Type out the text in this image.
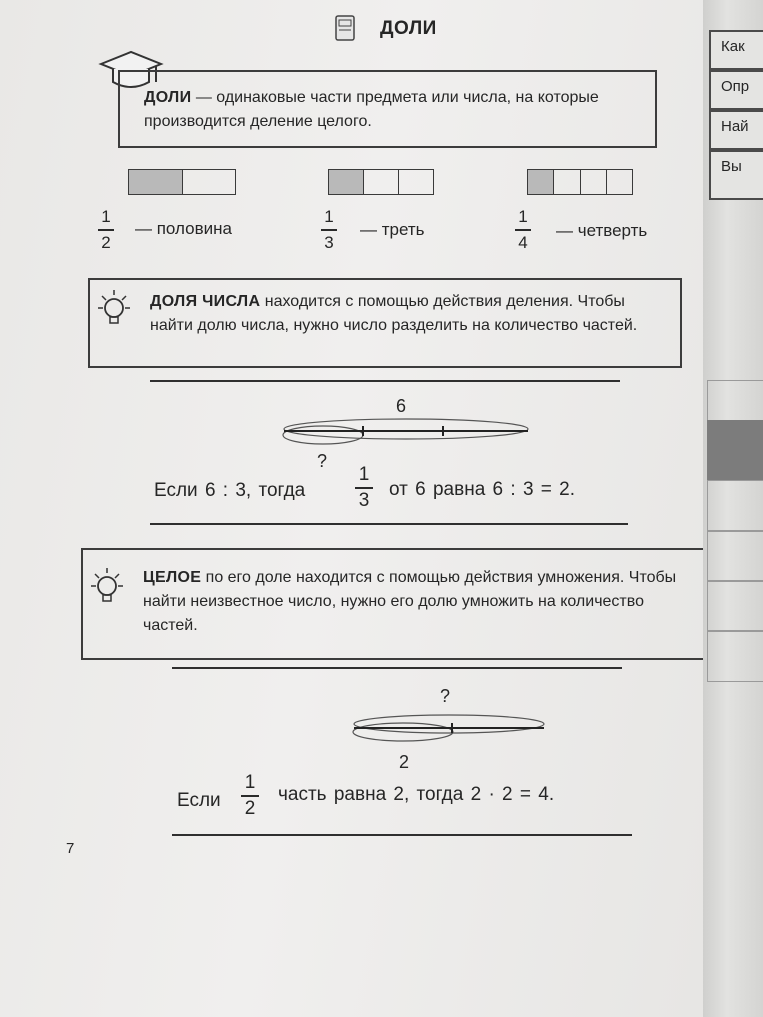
ДОЛИ

ДОЛИ — одинаковые части предмета или числа, на которые производится деление целого.

1
2
— половина
1
3
— треть
1
4
— четверть

ДОЛЯ ЧИСЛА находится с помощью действия деления. Чтобы найти долю числа, нужно число разделить на количество частей.

6
?
Если 6 : 3, тогда
1
3 от 6 равна 6 : 3 = 2.

ЦЕЛОЕ по его доле находится с помощью действия умножения. Чтобы найти неизвестное число, нужно его долю умножить на количество частей.

?
2
Если
1
2
часть равна 2, тогда 2 · 2 = 4.
7
Как
Опр
Най
Вы
